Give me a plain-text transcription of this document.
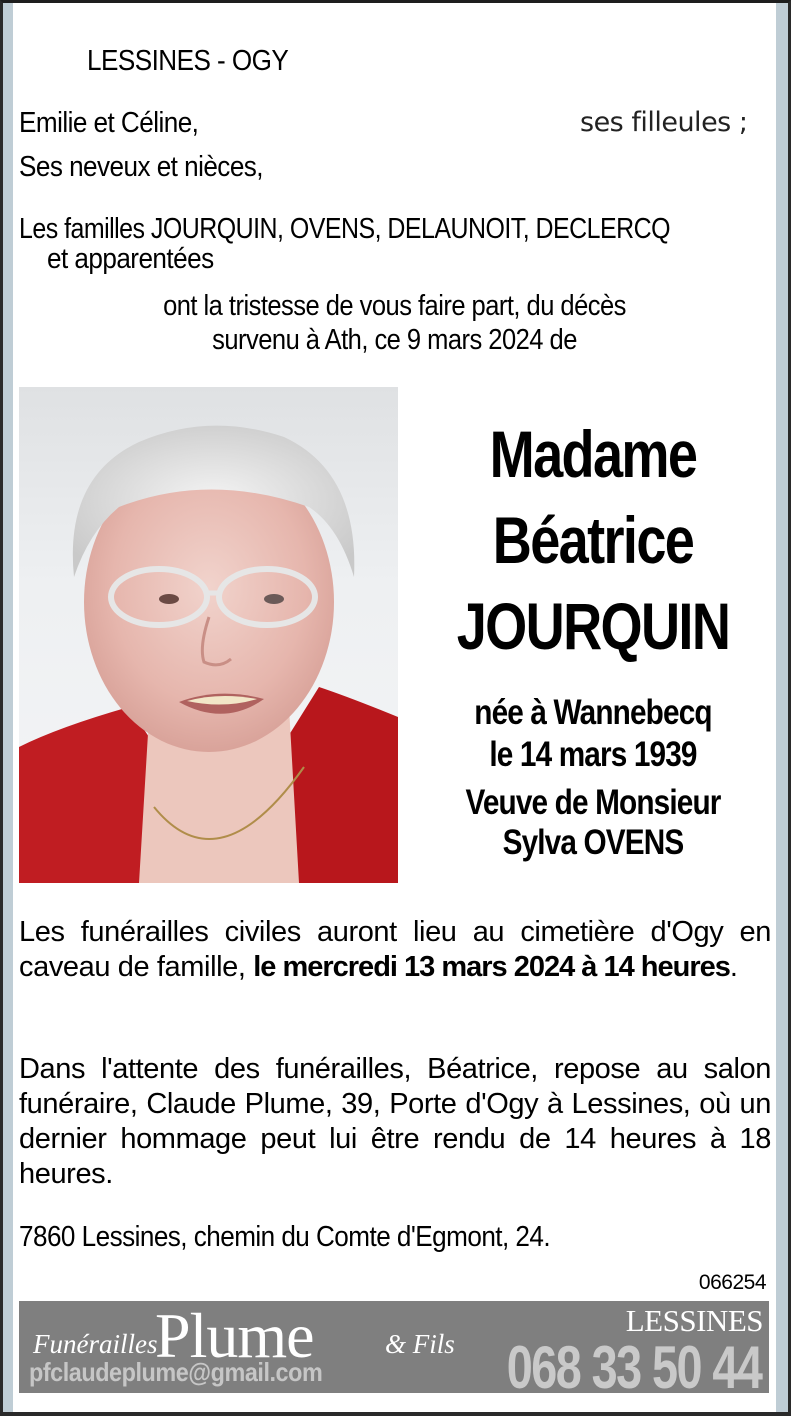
LESSINES - OGY
Emilie et Céline,	ses filleules ;
Ses neveux et nièces,
Les familles JOURQUIN, OVENS, DELAUNOIT, DECLERCQ
et apparentées
ont la tristesse de vous faire part, du décès
survenu à Ath, ce 9 mars 2024 de
Madame
Béatrice
JOURQUIN
née à Wannebecq
le 14 mars 1939
Veuve de Monsieur
Sylva OVENS
Les funérailles civiles auront lieu au cimetière d'Ogy en caveau de famille, le mercredi 13 mars 2024 à 14 heures.
Dans l'attente des funérailles, Béatrice, repose au salon funéraire, Claude Plume, 39, Porte d'Ogy à Lessines, où un dernier hommage peut lui être rendu de 14 heures à 18 heures.
7860 Lessines, chemin du Comte d'Egmont, 24.
066254
Funérailles
Plume	& Fils
pfclaudeplume@gmail.com
LESSINES
068 33 50 44
